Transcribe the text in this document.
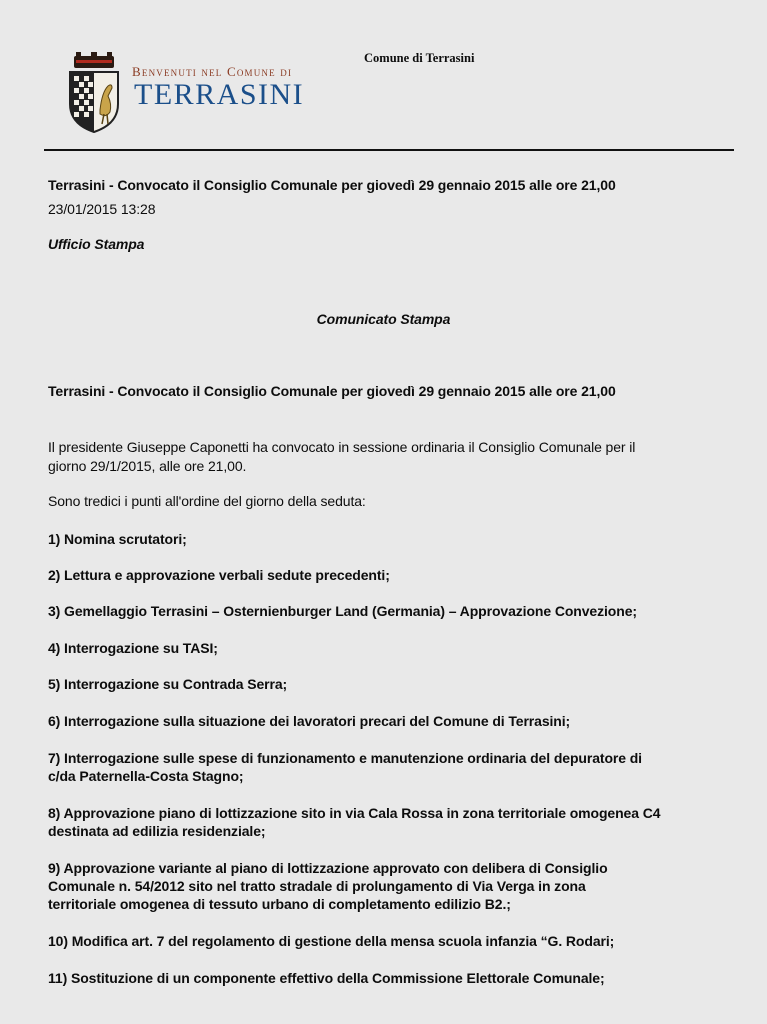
Benvenuti nel Comune di
TERRASINI
Comune di Terrasini
Terrasini - Convocato il Consiglio Comunale per giovedì 29 gennaio 2015 alle ore 21,00
23/01/2015 13:28
Ufficio Stampa
Comunicato Stampa
Terrasini - Convocato il Consiglio Comunale per giovedì 29 gennaio 2015 alle ore 21,00
Il presidente Giuseppe Caponetti ha convocato in sessione ordinaria il Consiglio Comunale per il
giorno 29/1/2015, alle ore 21,00.
Sono tredici i punti all'ordine del giorno della seduta:
1) Nomina scrutatori;
2) Lettura e approvazione verbali sedute precedenti;
3) Gemellaggio Terrasini – Osternienburger Land (Germania) – Approvazione Convezione;
4) Interrogazione su TASI;
5) Interrogazione su Contrada Serra;
6) Interrogazione sulla situazione dei lavoratori precari del Comune di Terrasini;
7) Interrogazione sulle spese di funzionamento e manutenzione ordinaria del depuratore di
c/da Paternella-Costa Stagno;
8) Approvazione piano di lottizzazione sito in via Cala Rossa in zona territoriale omogenea C4
destinata ad edilizia residenziale;
9) Approvazione variante al piano di lottizzazione approvato con delibera di Consiglio
Comunale n. 54/2012 sito nel tratto stradale di prolungamento di Via Verga in zona
territoriale omogenea di tessuto urbano di completamento edilizio B2.;
10) Modifica art. 7 del regolamento di gestione della mensa scuola infanzia “G. Rodari;
11) Sostituzione di un componente effettivo della Commissione Elettorale Comunale;
